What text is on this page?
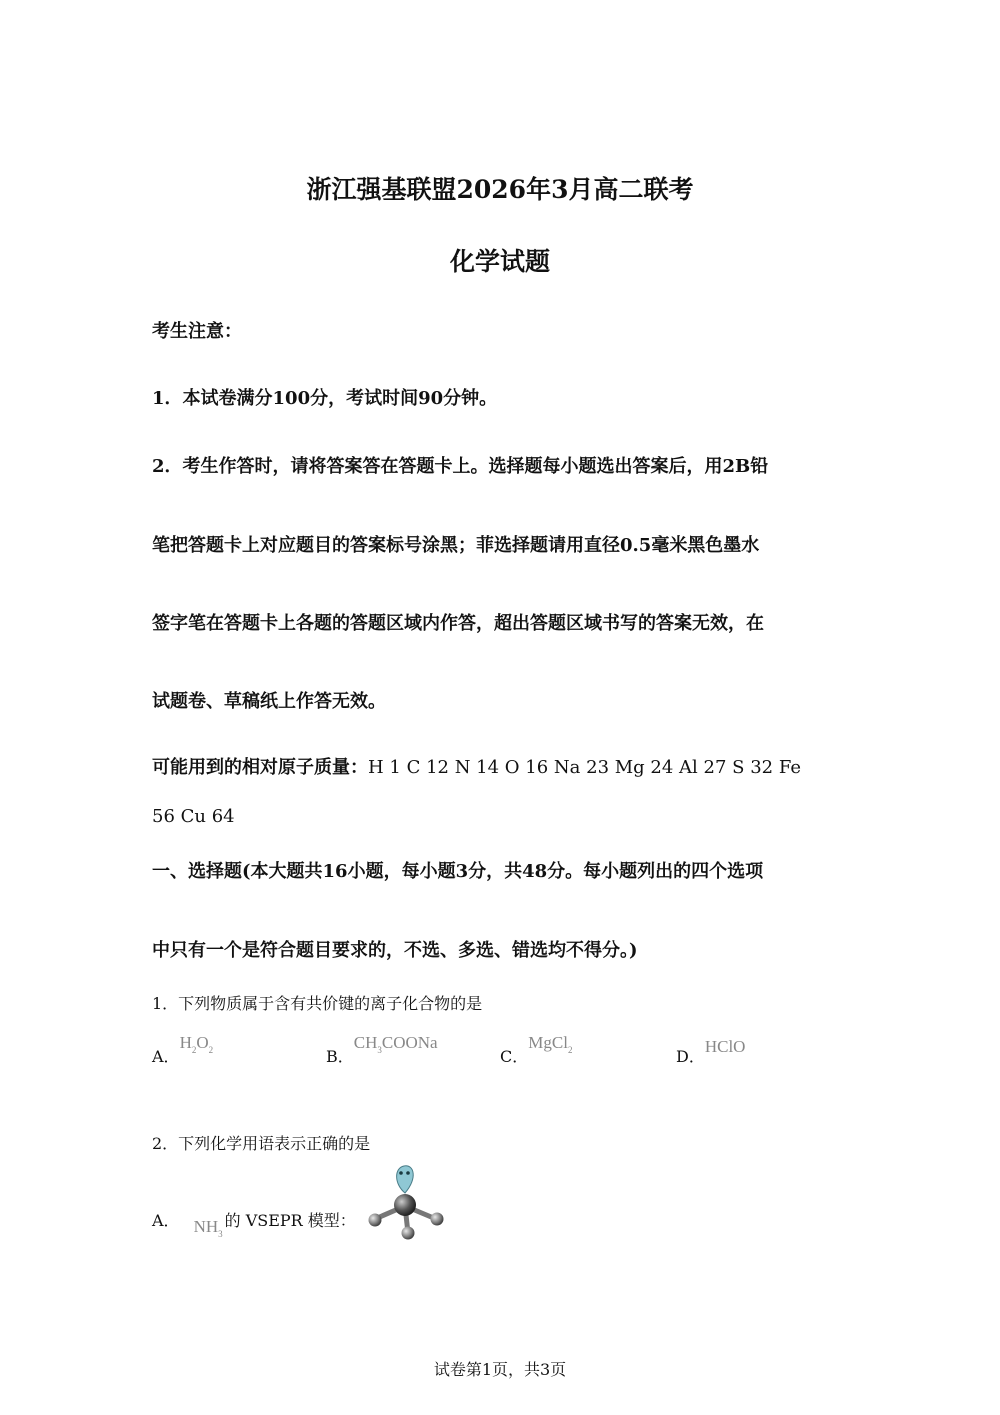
浙江强基联盟2026年3月高二联考
化学试题
考生注意：
1．本试卷满分100分，考试时间90分钟。
2．考生作答时，请将答案答在答题卡上。选择题每小题选出答案后，用2B铅
笔把答题卡上对应题目的答案标号涂黑；菲选择题请用直径0.5毫米黑色墨水
签字笔在答题卡上各题的答题区域内作答，超出答题区域书写的答案无效，在
试题卷、草稿纸上作答无效。
可能用到的相对原子质量：H 1 C 12 N 14 O 16 Na 23 Mg 24 Al 27 S 32 Fe
56 Cu 64
一、选择题(本大题共16小题，每小题3分，共48分。每小题列出的四个选项
中只有一个是符合题目要求的，不选、多选、错选均不得分。)
1．下列物质属于含有共价键的离子化合物的是
A．$H_2O_2$	B．$CH_3COONa$
C．MgCl$_2$	D．HClO
2．下列化学用语表示正确的是
A． $NH_3$的 VSEPR 模型：
试卷第1页，共3页
